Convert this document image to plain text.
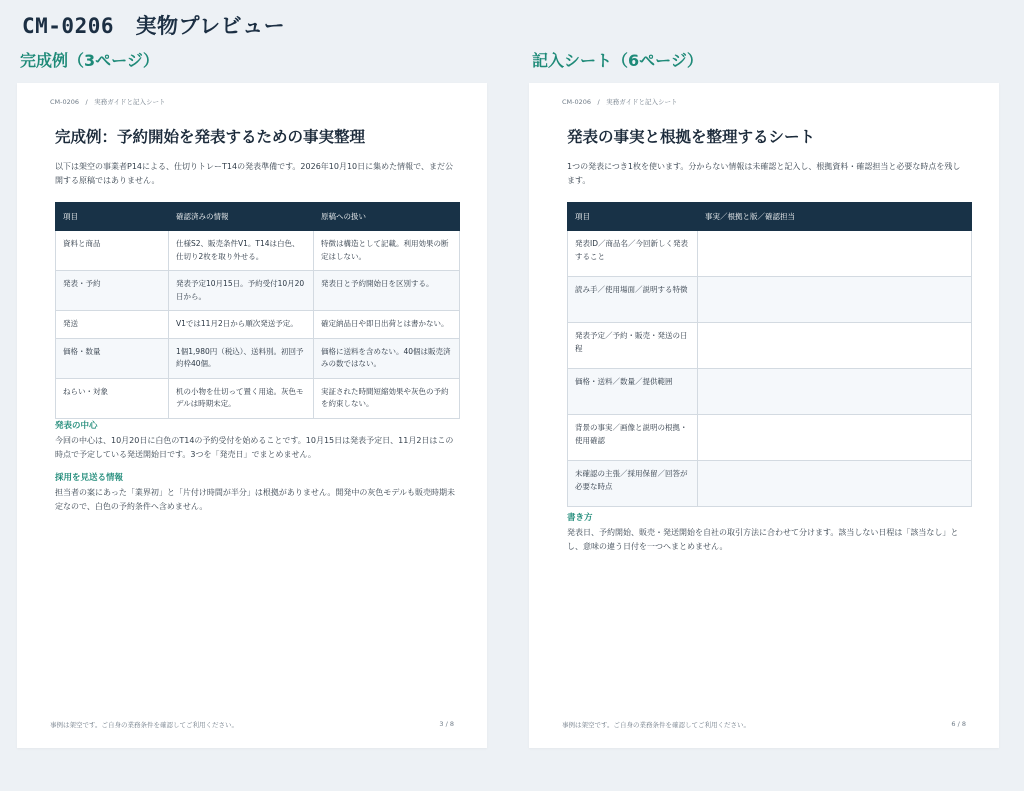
CM-0206　実物プレビュー
完成例（3ページ）	記入シート（6ページ）
CM-0206　/　実務ガイドと記入シート
完成例：予約開始を発表するための事実整理
以下は架空の事業者P14による、仕切りトレーT14の発表準備です。2026年10月10日に集めた情報で、まだ公開する原稿ではありません。
項目	確認済みの情報	原稿への扱い
資料と商品	仕様S2、販売条件V1。T14は白色、仕切り2枚を取り外せる。	特徴は構造として記載。利用効果の断定はしない。
発表・予約	発表予定10月15日。予約受付10月20日から。	発表日と予約開始日を区別する。
発送	V1では11月2日から順次発送予定。	確定納品日や即日出荷とは書かない。
価格・数量	1個1,980円（税込）、送料別。初回予約枠40個。	価格に送料を含めない。40個は販売済みの数ではない。
ねらい・対象	机の小物を仕切って置く用途。灰色モデルは時期未定。	実証された時間短縮効果や灰色の予約を約束しない。
発表の中心
今回の中心は、10月20日に白色のT14の予約受付を始めることです。10月15日は発表予定日、11月2日はこの時点で予定している発送開始日です。3つを「発売日」でまとめません。
採用を見送る情報
担当者の案にあった「業界初」と「片付け時間が半分」は根拠がありません。開発中の灰色モデルも販売時期未定なので、白色の予約条件へ含めません。
事例は架空です。ご自身の業務条件を確認してご利用ください。	3 / 8
CM-0206　/　実務ガイドと記入シート
発表の事実と根拠を整理するシート
1つの発表につき1枚を使います。分からない情報は未確認と記入し、根拠資料・確認担当と必要な時点を残します。
項目	事実／根拠と版／確認担当
発表ID／商品名／今回新しく発表すること	
読み手／使用場面／説明する特徴	
発表予定／予約・販売・発送の日程	
価格・送料／数量／提供範囲	
背景の事実／画像と説明の根拠・使用確認	
未確認の主張／採用保留／回答が必要な時点	
書き方
発表日、予約開始、販売・発送開始を自社の取引方法に合わせて分けます。該当しない日程は「該当なし」とし、意味の違う日付を一つへまとめません。
事例は架空です。ご自身の業務条件を確認してご利用ください。	6 / 8
